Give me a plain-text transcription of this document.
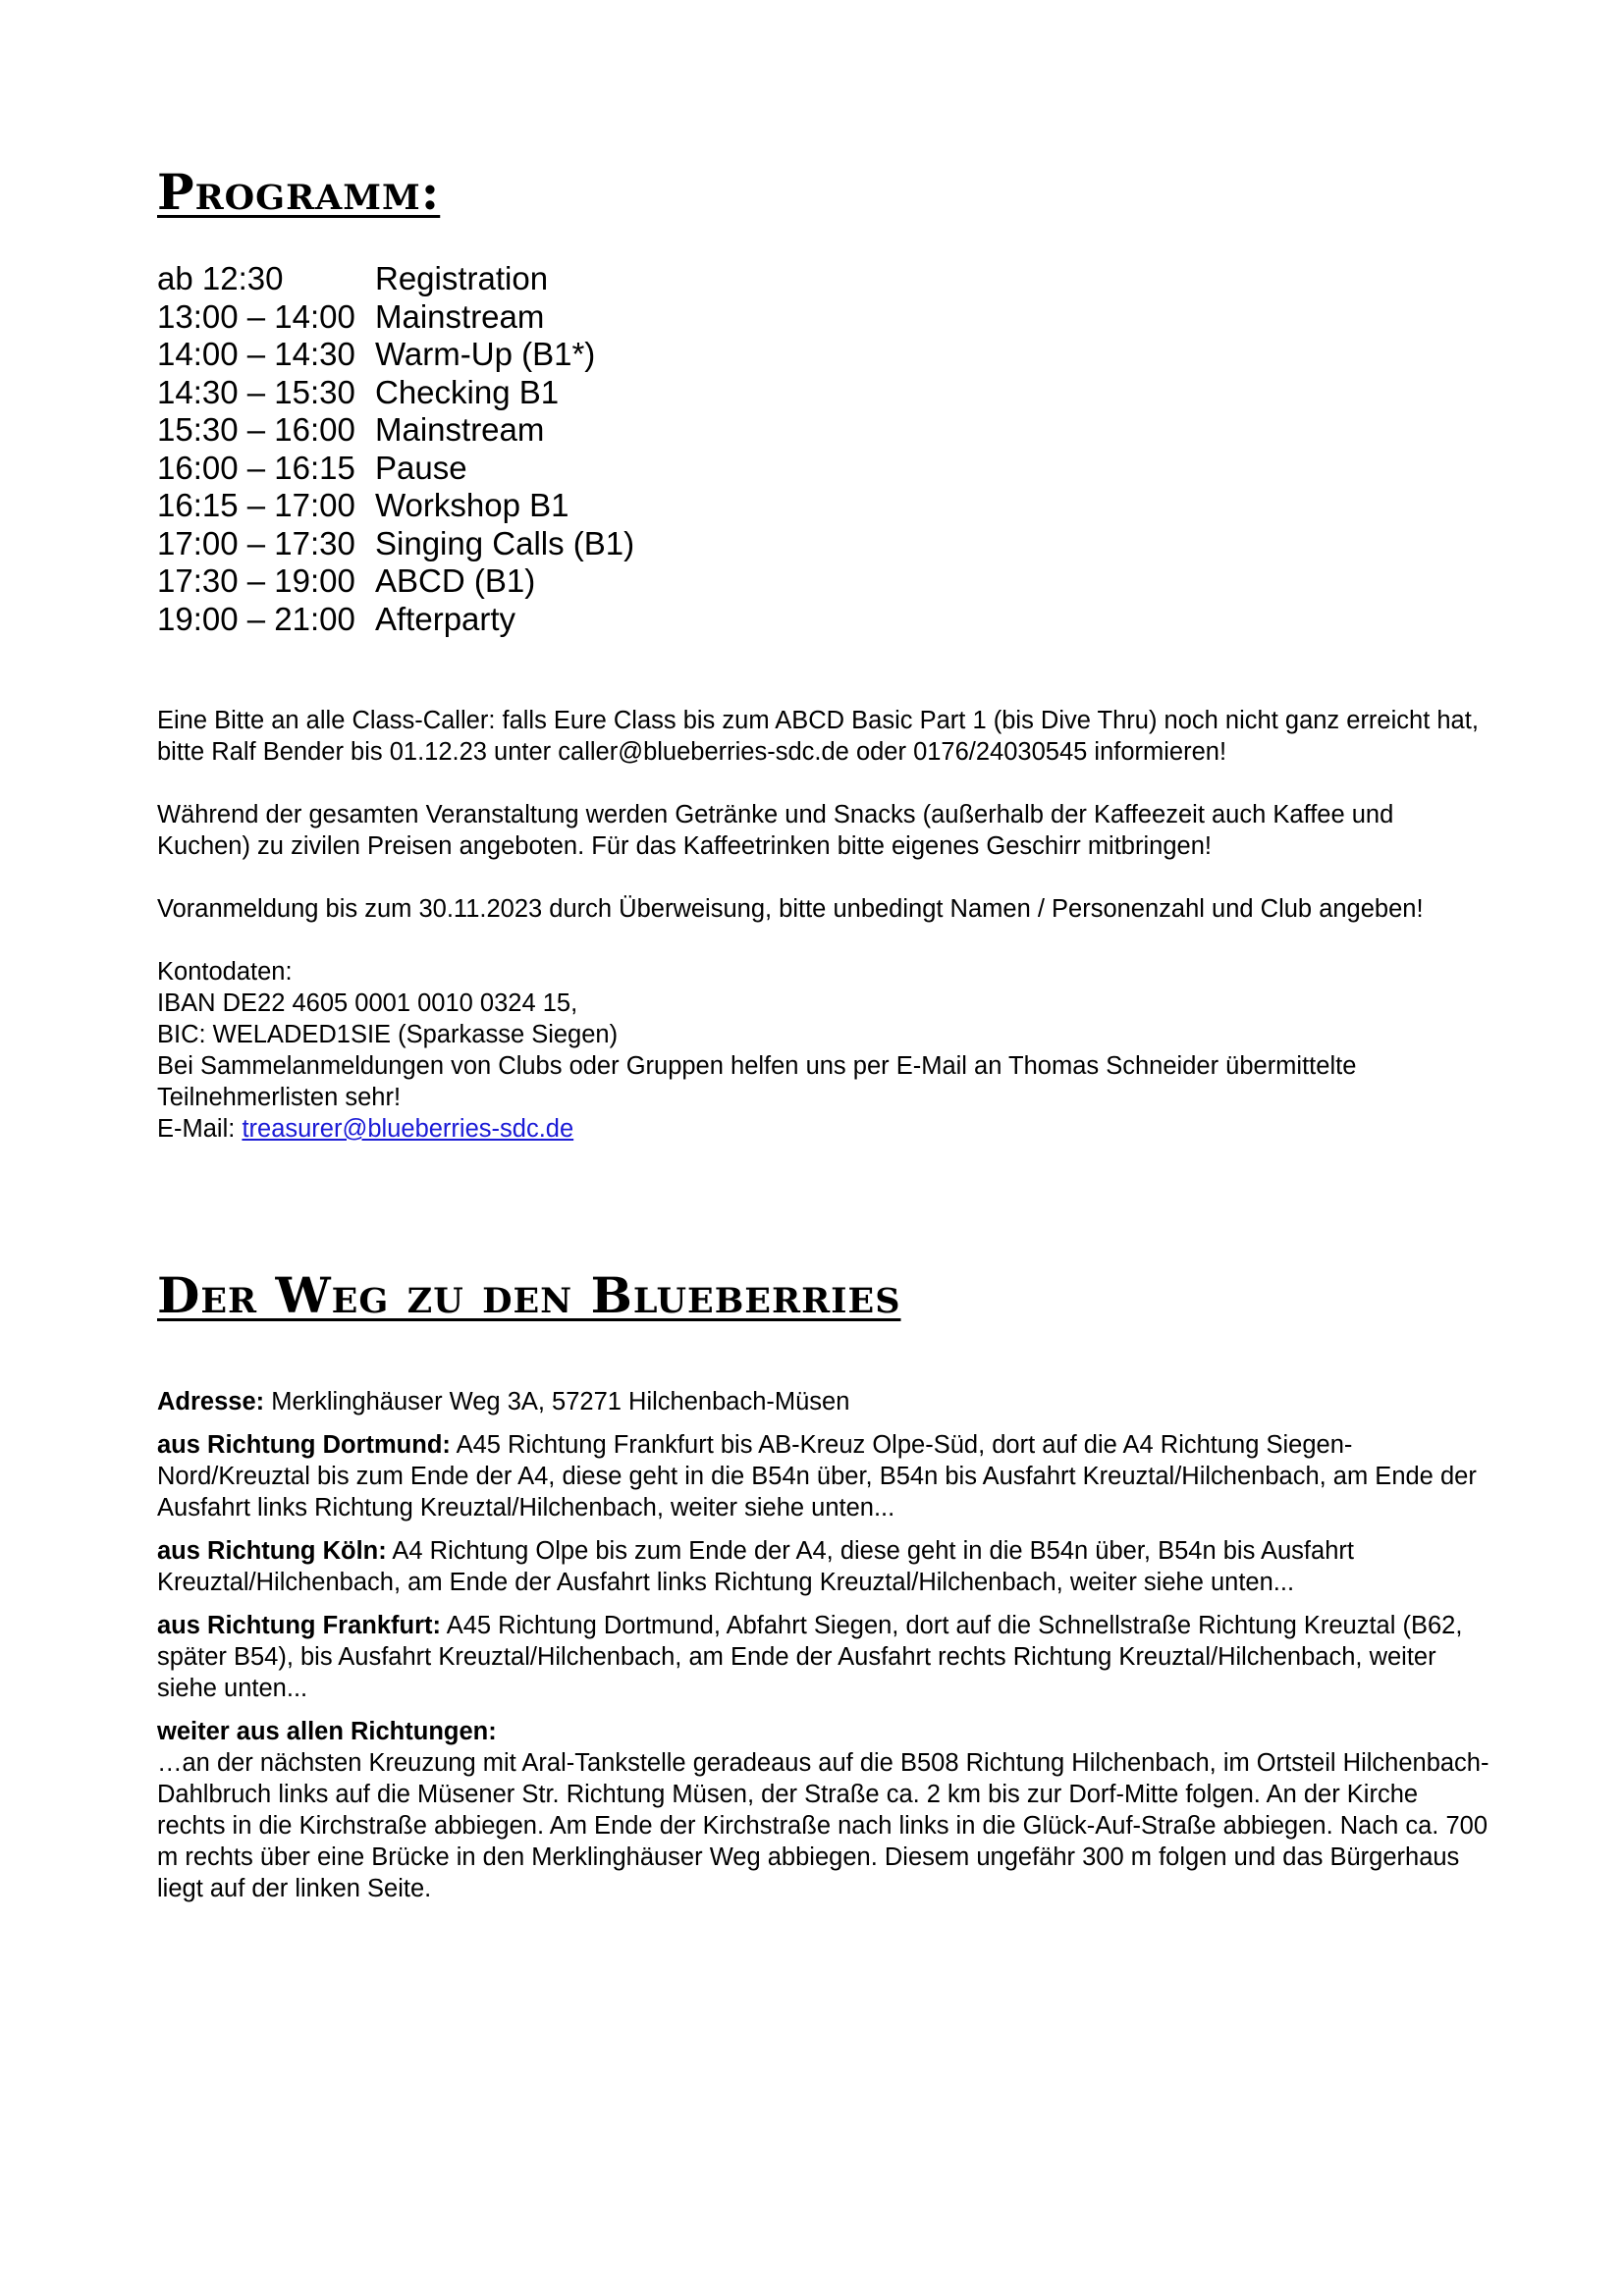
Programm:
ab 12:30	Registration
13:00 – 14:00 Mainstream
14:00 – 14:30 Warm-Up (B1*)
14:30 – 15:30 Checking B1
15:30 – 16:00 Mainstream
16:00 – 16:15 Pause
16:15 – 17:00 Workshop B1
17:00 – 17:30 Singing Calls (B1)
17:30 – 19:00 ABCD (B1)
19:00 – 21:00 Afterparty

Eine Bitte an alle Class-Caller: falls Eure Class bis zum ABCD Basic Part 1 (bis Dive Thru) noch nicht ganz erreicht hat, bitte Ralf Bender bis 01.12.23 unter caller@blueberries-sdc.de oder 0176/24030545 informieren!

Während der gesamten Veranstaltung werden Getränke und Snacks (außerhalb der Kaffeezeit auch Kaffee und Kuchen) zu zivilen Preisen angeboten. Für das Kaffeetrinken bitte eigenes Geschirr mitbringen!

Voranmeldung bis zum 30.11.2023 durch Überweisung, bitte unbedingt Namen / Personenzahl und Club angeben!

Kontodaten:

IBAN DE22 4605 0001 0010 0324 15,

BIC: WELADED1SIE (Sparkasse Siegen)

Bei Sammelanmeldungen von Clubs oder Gruppen helfen uns per E-Mail an Thomas Schneider übermittelte Teilnehmerlisten sehr!

E-Mail: treasurer@blueberries-sdc.de

Der Weg zu den Blueberries

Adresse: Merklinghäuser Weg 3A, 57271 Hilchenbach-Müsen

aus Richtung Dortmund: A45 Richtung Frankfurt bis AB-Kreuz Olpe-Süd, dort auf die A4 Richtung Siegen-Nord/Kreuztal bis zum Ende der A4, diese geht in die B54n über, B54n bis Ausfahrt Kreuztal/Hilchenbach, am Ende der Ausfahrt links Richtung Kreuztal/Hilchenbach, weiter siehe unten...

aus Richtung Köln: A4 Richtung Olpe bis zum Ende der A4, diese geht in die B54n über, B54n bis Ausfahrt Kreuztal/Hilchenbach, am Ende der Ausfahrt links Richtung Kreuztal/Hilchenbach, weiter siehe unten...

aus Richtung Frankfurt: A45 Richtung Dortmund, Abfahrt Siegen, dort auf die Schnellstraße Richtung Kreuztal (B62, später B54), bis Ausfahrt Kreuztal/Hilchenbach, am Ende der Ausfahrt rechts Richtung Kreuztal/Hilchenbach, weiter siehe unten...

weiter aus allen Richtungen:
…an der nächsten Kreuzung mit Aral-Tankstelle geradeaus auf die B508 Richtung Hilchenbach, im Ortsteil Hilchenbach-Dahlbruch links auf die Müsener Str. Richtung Müsen, der Straße ca. 2 km bis zur Dorf-Mitte folgen. An der Kirche rechts in die Kirchstraße abbiegen. Am Ende der Kirchstraße nach links in die Glück-Auf-Straße abbiegen. Nach ca. 700 m rechts über eine Brücke in den Merklinghäuser Weg abbiegen. Diesem ungefähr 300 m folgen und das Bürgerhaus liegt auf der linken Seite.
